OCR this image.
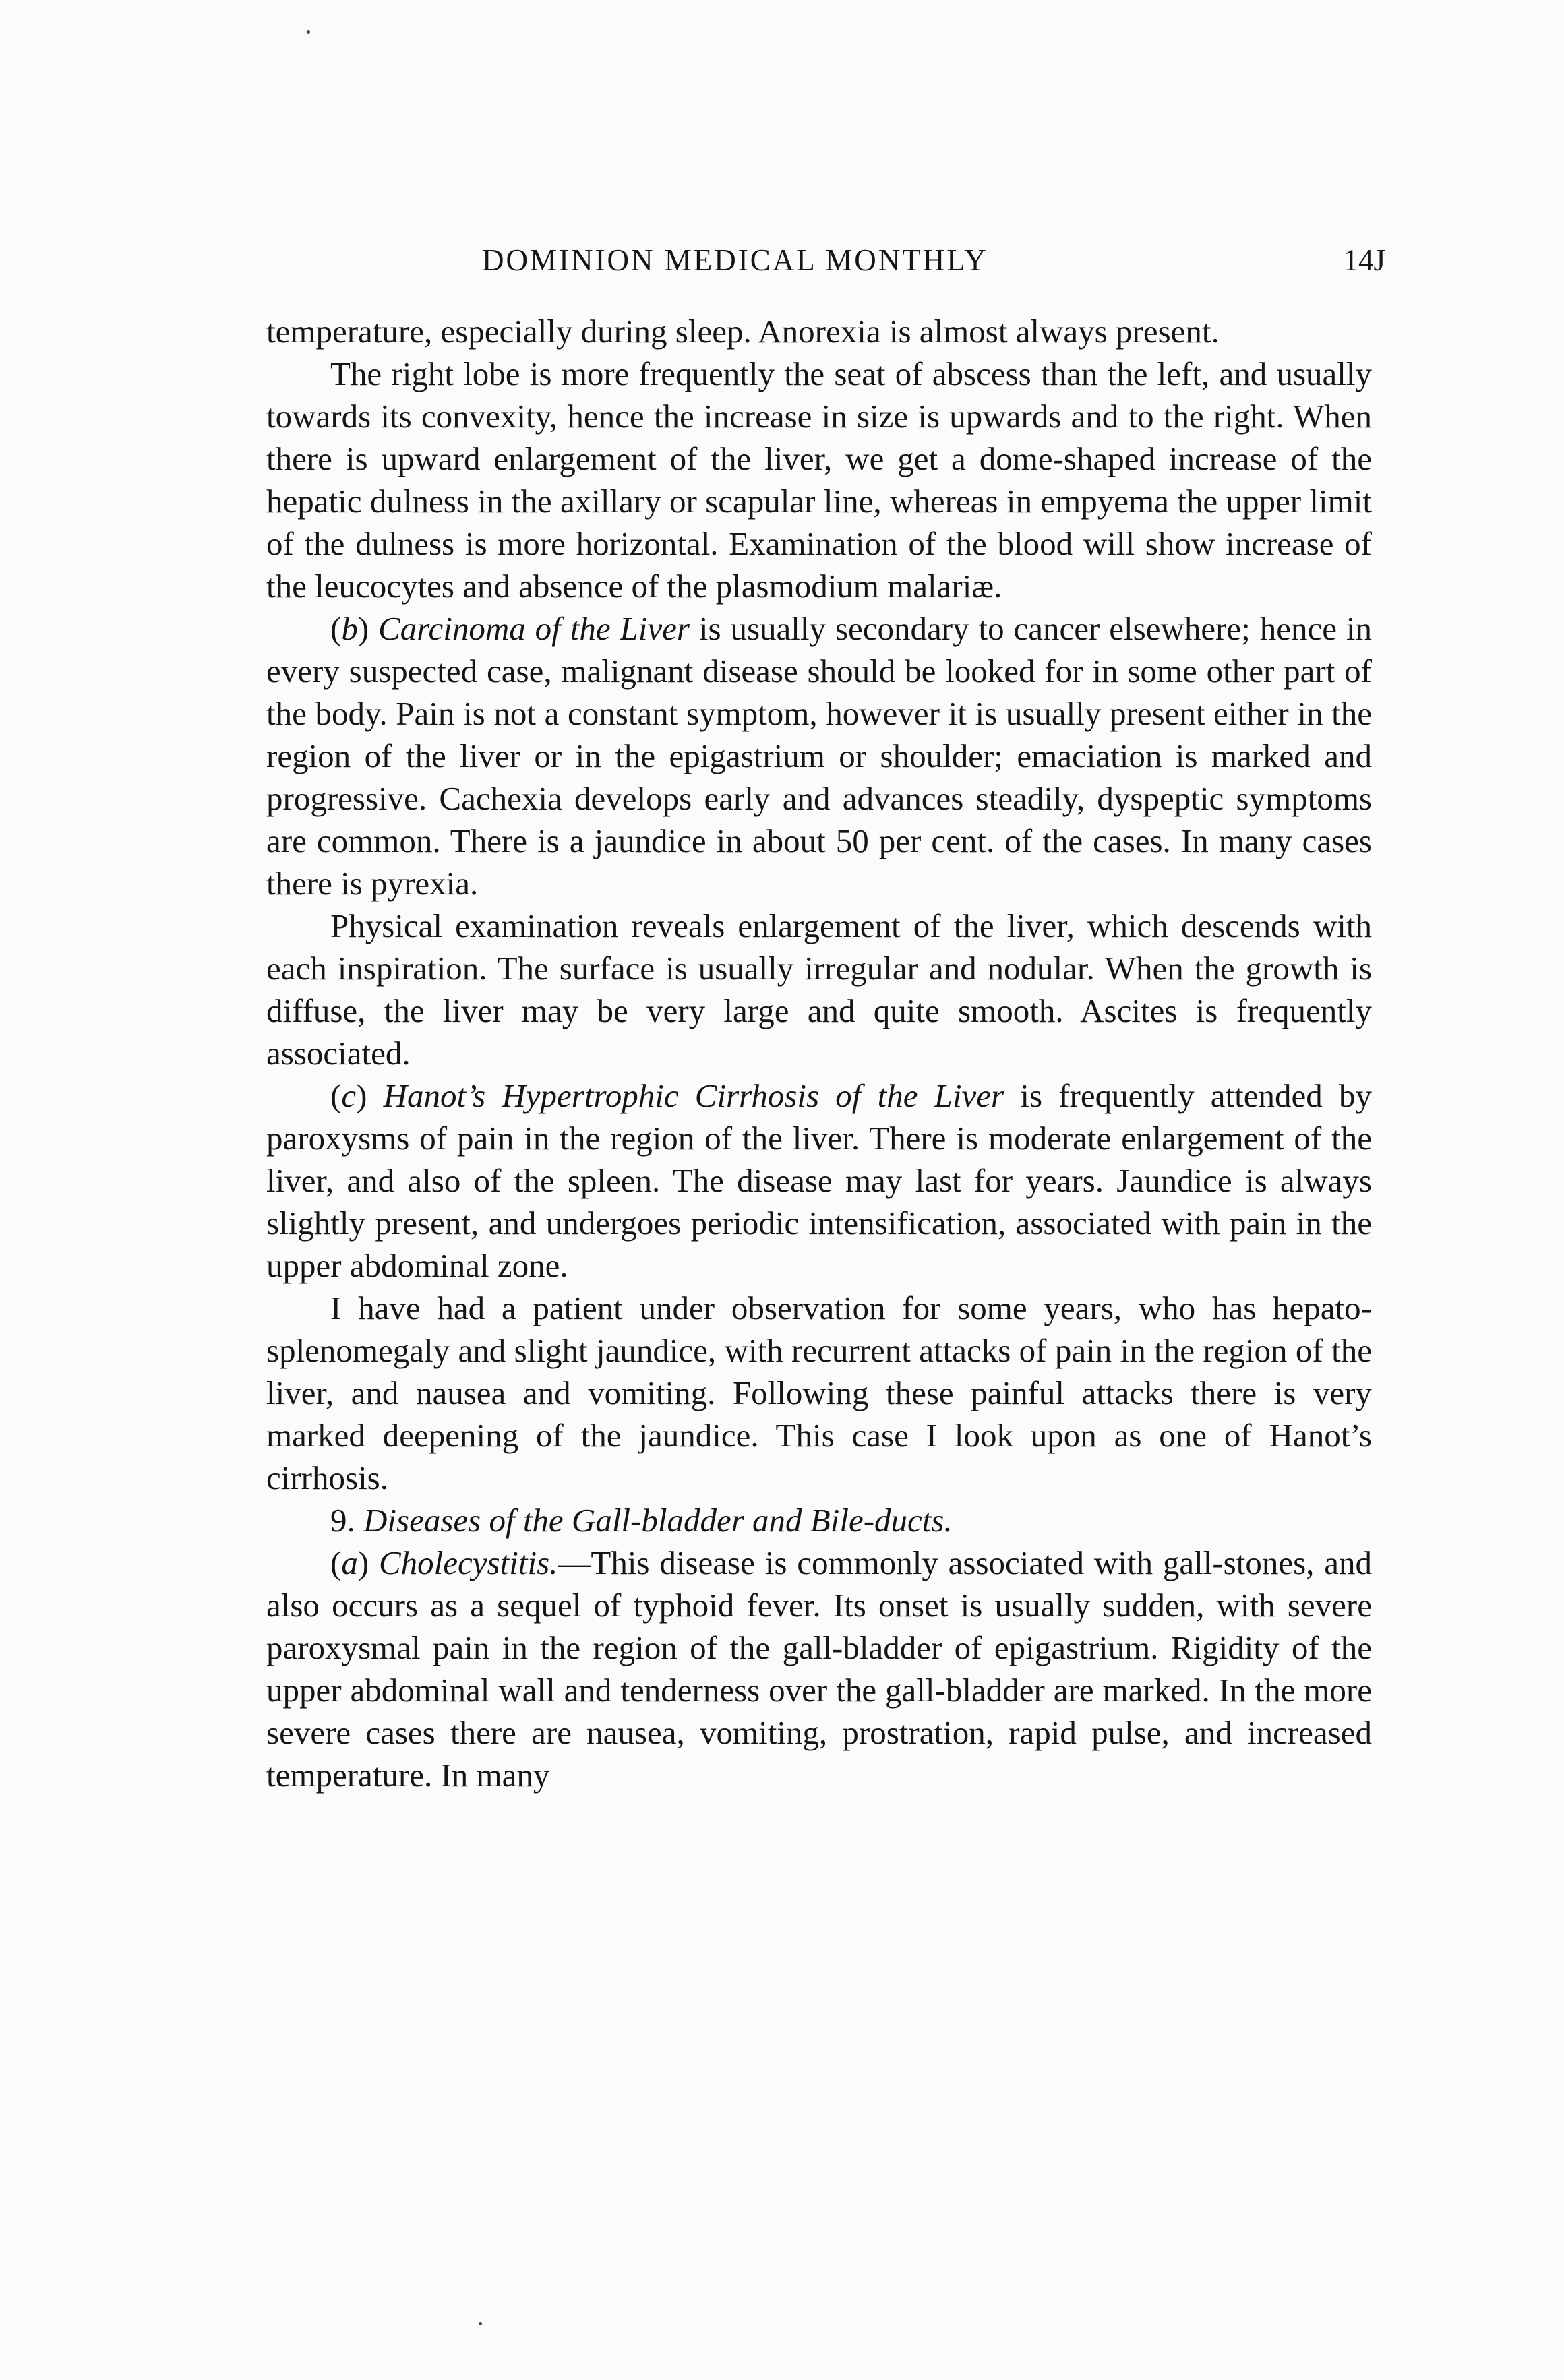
DOMINION MEDICAL MONTHLY	14J

temperature, especially during sleep. Anorexia is almost always present.

The right lobe is more frequently the seat of abscess than the left, and usually towards its convexity, hence the increase in size is upwards and to the right. When there is upward enlargement of the liver, we get a dome-shaped increase of the hepatic dulness in the axillary or scapular line, whereas in empyema the upper limit of the dulness is more horizontal. Examination of the blood will show increase of the leucocytes and absence of the plasmodium malariæ.

(b) Carcinoma of the Liver is usually secondary to cancer elsewhere; hence in every suspected case, malignant disease should be looked for in some other part of the body. Pain is not a constant symptom, however it is usually present either in the region of the liver or in the epigastrium or shoulder; emaciation is marked and progressive. Cachexia develops early and advances steadily, dyspeptic symptoms are common. There is a jaundice in about 50 per cent. of the cases. In many cases there is pyrexia.

Physical examination reveals enlargement of the liver, which descends with each inspiration. The surface is usually irregular and nodular. When the growth is diffuse, the liver may be very large and quite smooth. Ascites is frequently associated.

(c) Hanot’s Hypertrophic Cirrhosis of the Liver is frequently attended by paroxysms of pain in the region of the liver. There is moderate enlargement of the liver, and also of the spleen. The disease may last for years. Jaundice is always slightly present, and undergoes periodic intensification, associated with pain in the upper abdominal zone.

I have had a patient under observation for some years, who has hepato-splenomegaly and slight jaundice, with recurrent attacks of pain in the region of the liver, and nausea and vomiting. Following these painful attacks there is very marked deepening of the jaundice. This case I look upon as one of Hanot’s cirrhosis.

9. Diseases of the Gall-bladder and Bile-ducts.

(a) Cholecystitis.—This disease is commonly associated with gall-stones, and also occurs as a sequel of typhoid fever. Its onset is usually sudden, with severe paroxysmal pain in the region of the gall-bladder of epigastrium. Rigidity of the upper abdominal wall and tenderness over the gall-bladder are marked. In the more severe cases there are nausea, vomiting, prostration, rapid pulse, and increased temperature. In many
